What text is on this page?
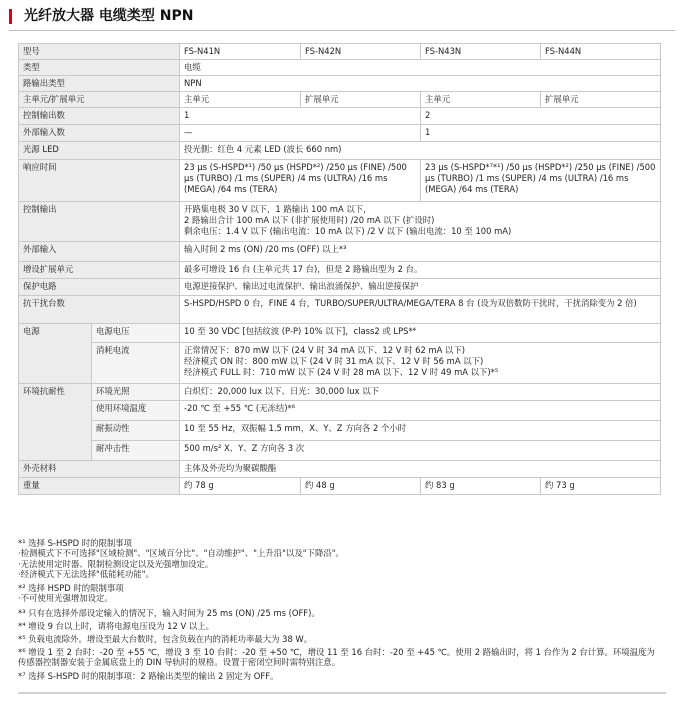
光纤放大器 电缆类型 NPN
型号		FS-N41N	FS-N42N	FS-N43N	FS-N44N
类型		电缆			
路输出类型		NPN			
主单元/扩展单元		主单元	扩展单元	主单元	扩展单元
控制输出数		1		2	
外部输入数		—		1	
光源 LED		投光側：红色 4 元素 LED (波长 660 nm)			
响应时间		23 µs (S-HSPD*¹) /50 µs (HSPD*²) /250 µs (FINE) /500 µs (TURBO) /1 ms (SUPER) /4 ms (ULTRA) /16 ms (MEGA) /64 ms (TERA)		23 µs (S-HSPD*⁷*¹) /50 µs (HSPD*²) /250 µs (FINE) /500 µs (TURBO) /1 ms (SUPER) /4 ms (ULTRA) /16 ms (MEGA) /64 ms (TERA)	
控制输出		开路集电极 30 V 以下，1 路输出 100 mA 以下，
2 路输出合计 100 mA 以下 (非扩展使用时) /20 mA 以下 (扩设时)
剩余电压：1.4 V 以下 (输出电流：10 mA 以下) /2 V 以下 (输出电流：10 至 100 mA)			
外部输入		输入时间 2 ms (ON) /20 ms (OFF) 以上*³			
增设扩展单元		最多可增设 16 台 (主单元共 17 台)，但是 2 路输出型为 2 台。			
保护电路		电源逆接保护、输出过电流保护、输出浪涌保护、输出逆接保护			
抗干扰台数		S-HSPD/HSPD 0 台，FINE 4 台，TURBO/SUPER/ULTRA/MEGA/TERA 8 台 (设为双倍数防干扰时，干扰消除变为 2 倍)			
电源	电源电压	10 至 30 VDC [包括纹波 (P-P) 10% 以下]，class2 或 LPS*⁴			
	消耗电流	正常情况下：870 mW 以下 (24 V 时 34 mA 以下、12 V 时 62 mA 以下)
经济模式 ON 时：800 mW 以下 (24 V 时 31 mA 以下、12 V 时 56 mA 以下)
经济模式 FULL 时：710 mW 以下 (24 V 时 28 mA 以下、12 V 时 49 mA 以下)*⁵			
环境抗耐性	环境光照	白炽灯：20,000 lux 以下、日光：30,000 lux 以下			
	使用环境温度	-20 ℃ 至 +55 ℃ (无冻结)*⁶			
	耐振动性	10 至 55 Hz，双振幅 1.5 mm，X、Y、Z 方向各 2 个小时			
	耐冲击性	500 m/s² X、Y、Z 方向各 3 次			
外壳材料		主体及外壳均为聚碳酸酯			
重量		约 78 g	约 48 g	约 83 g	约 73 g
*¹ 选择 S-HSPD 时的限制事项
·检测模式下不可选择"区域检测"、"区域百分比"、"自动维护"、"上升沿"以及"下降沿"。
·无法使用定时器、限制检测设定以及光强增加设定。
·经济模式下无法选择"低能耗功能"。
*² 选择 HSPD 时的限制事项
·不可使用光强增加设定。
*³ 只有在选择外部设定输入的情况下，输入时间为 25 ms (ON) /25 ms (OFF)。
*⁴ 增设 9 台以上时，请将电源电压设为 12 V 以上。
*⁵ 负载电流除外。增设至最大台数时，包含负载在内的消耗功率最大为 38 W。
*⁶ 增设 1 至 2 台时：-20 至 +55 ℃，增设 3 至 10 台时：-20 至 +50 ℃，增设 11 至 16 台时：-20 至 +45 ℃。使用 2 路输出时，将 1 台作为 2 台计算。环境温度为传感器控制器安装于金属底盘上的 DIN 导轨时的规格。设置于密闭空间时需特别注意。
*⁷ 选择 S-HSPD 时的限制事项：2 路输出类型的输出 2 固定为 OFF。
